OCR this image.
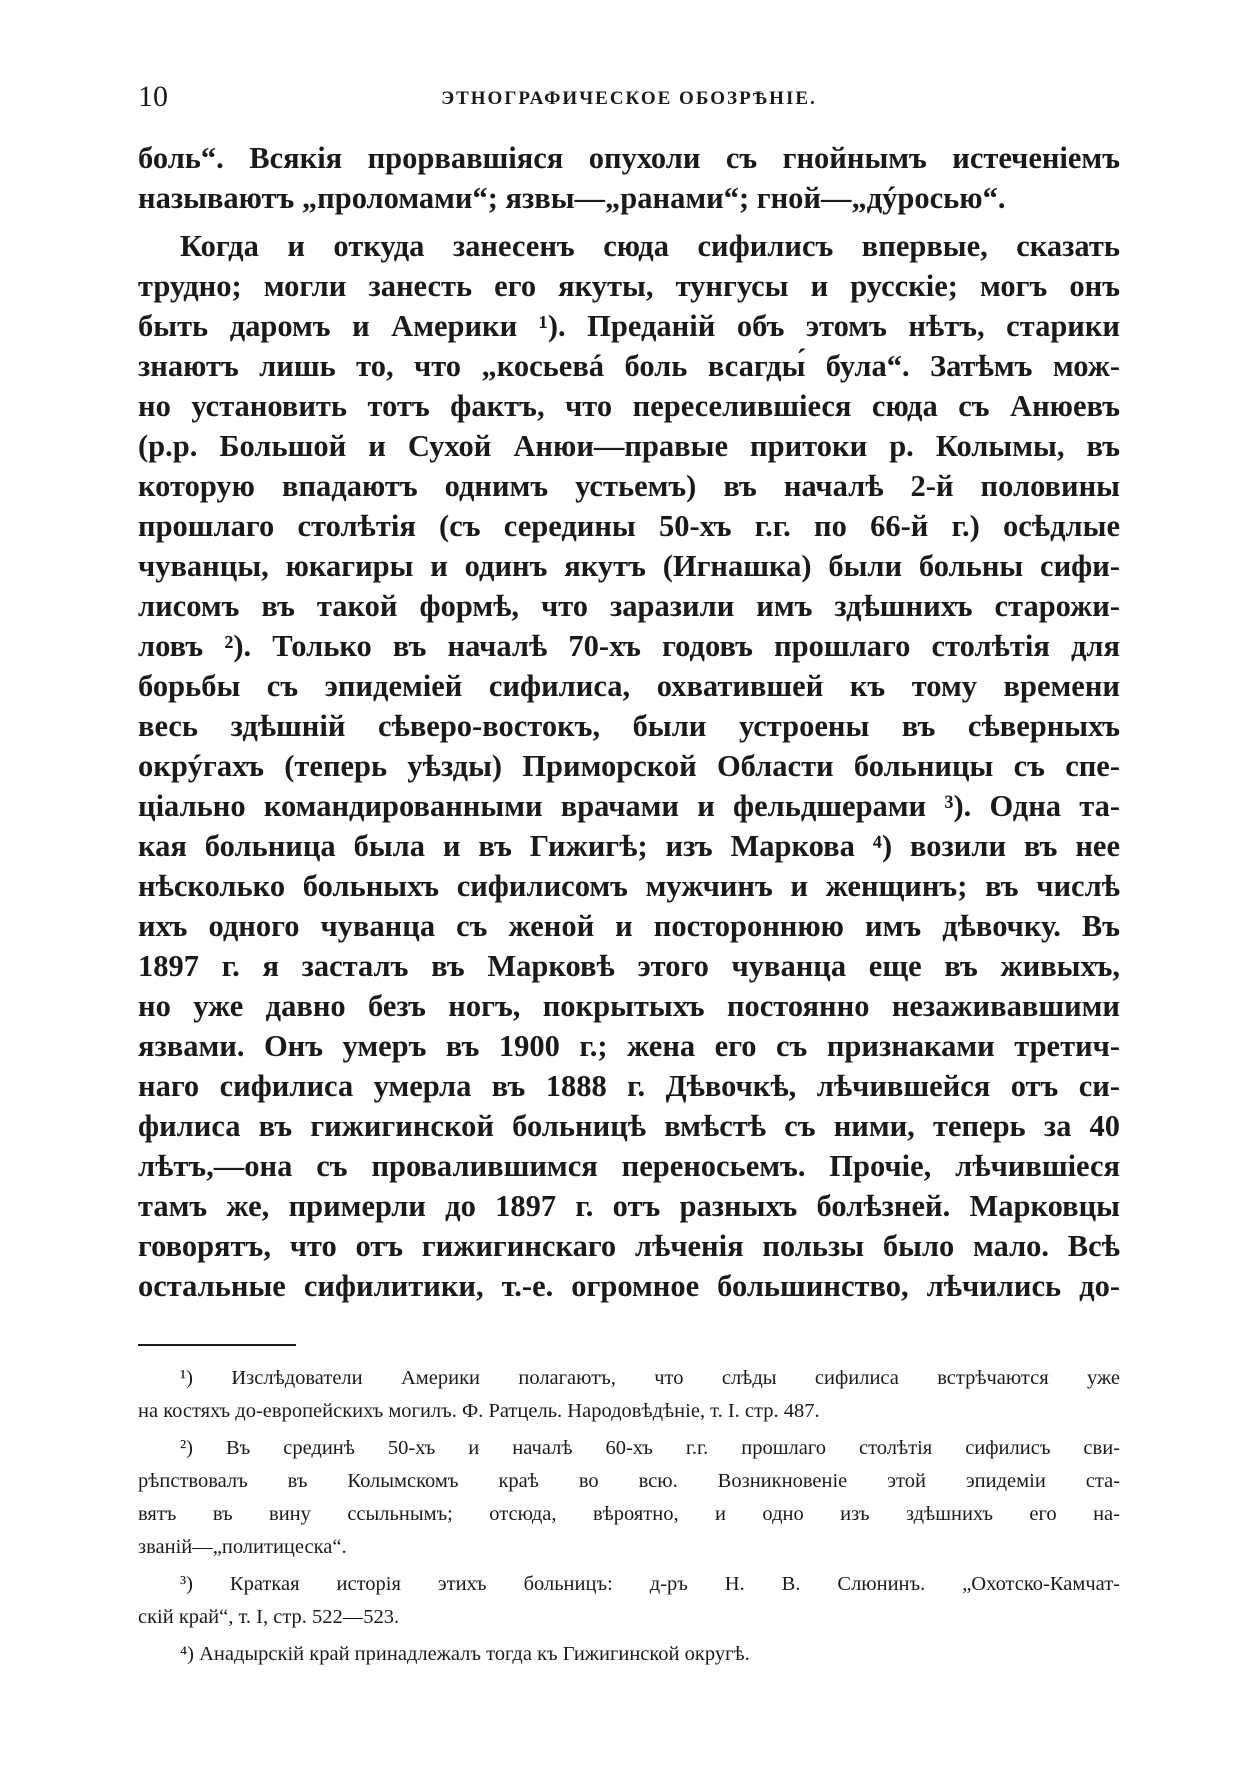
10	ЭТНОГРАФИЧЕСКОЕ ОБОЗРѢНІЕ.
боль“. Всякія прорвавшіяся опухоли съ гнойнымъ истеченіемъ
называютъ „проломами“; язвы—„ранами“; гной—„дýросью“.
Когда и откуда занесенъ сюда сифилисъ впервые, сказать
трудно; могли занесть его якуты, тунгусы и русскіе; могъ онъ
быть даромъ и Америки ¹). Преданій объ этомъ нѣтъ, старики
знаютъ лишь то, что „косьевá боль всагды́ була“. Затѣмъ мож-
но установить тотъ фактъ, что переселившіеся сюда съ Анюевъ
(р.р. Большой и Сухой Анюи—правые притоки р. Колымы, въ
которую впадаютъ однимъ устьемъ) въ началѣ 2-й половины
прошлаго столѣтія (съ середины 50-хъ г.г. по 66-й г.) осѣдлые
чуванцы, юкагиры и одинъ якутъ (Игнашка) были больны сифи-
лисомъ въ такой формѣ, что заразили имъ здѣшнихъ старожи-
ловъ ²). Только въ началѣ 70-хъ годовъ прошлаго столѣтія для
борьбы съ эпидеміей сифилиса, охватившей къ тому времени
весь здѣшній сѣверо-востокъ, были устроены въ сѣверныхъ
окрýгахъ (теперь уѣзды) Приморской Области больницы съ спе-
ціально командированными врачами и фельдшерами ³). Одна та-
кая больница была и въ Гижигѣ; изъ Маркова ⁴) возили въ нее
нѣсколько больныхъ сифилисомъ мужчинъ и женщинъ; въ числѣ
ихъ одного чуванца съ женой и постороннюю имъ дѣвочку. Въ
1897 г. я засталъ въ Марковѣ этого чуванца еще въ живыхъ,
но уже давно безъ ногъ, покрытыхъ постоянно незаживавшими
язвами. Онъ умеръ въ 1900 г.; жена его съ признаками третич-
наго сифилиса умерла въ 1888 г. Дѣвочкѣ, лѣчившейся отъ си-
филиса въ гижигинской больницѣ вмѣстѣ съ ними, теперь за 40
лѣтъ,—она съ провалившимся переносьемъ. Прочіе, лѣчившіеся
тамъ же, примерли до 1897 г. отъ разныхъ болѣзней. Марковцы
говорятъ, что отъ гижигинскаго лѣченія пользы было мало. Всѣ
остальные сифилитики, т.-е. огромное большинство, лѣчились до-
¹) Изслѣдователи Америки полагаютъ, что слѣды сифилиса встрѣчаются уже
на костяхъ до-европейскихъ могилъ. Ф. Ратцель. Народовѣдѣніе, т. I. стр. 487.
²) Въ срединѣ 50-хъ и началѣ 60-хъ г.г. прошлаго столѣтія сифилисъ сви-
рѣпствовалъ въ Колымскомъ краѣ во всю. Возникновеніе этой эпидеміи ста-
вятъ въ вину ссыльнымъ; отсюда, вѣроятно, и одно изъ здѣшнихъ его на-
званій—„политицеска“.
³) Краткая исторія этихъ больницъ: д-ръ Н. В. Слюнинъ. „Охотско-Камчат-
скій край“, т. I, стр. 522—523.
⁴) Анадырскій край принадлежалъ тогда къ Гижигинской округѣ.
